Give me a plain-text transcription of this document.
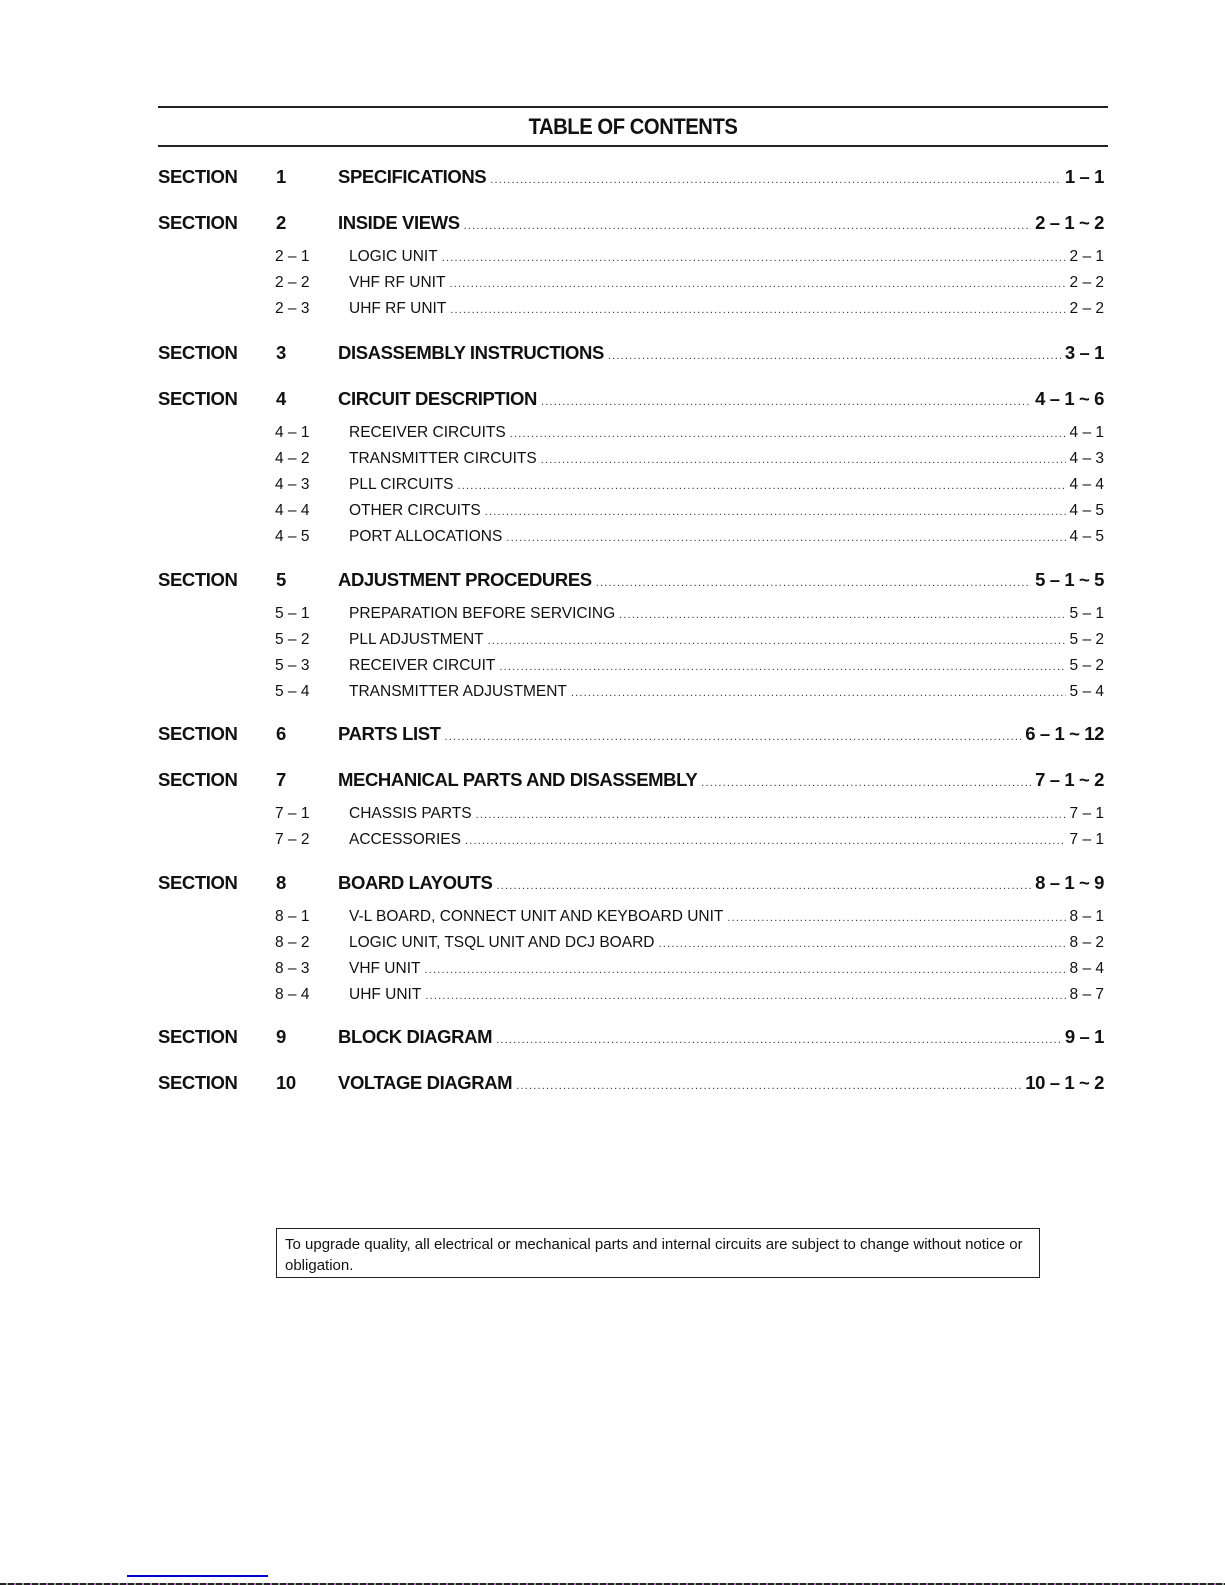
TABLE OF CONTENTS
SECTION	1	SPECIFICATIONS .....	1 – 1
SECTION	2	INSIDE VIEWS .....	2 – 1 ~ 2
2 – 1	LOGIC UNIT .....	2 – 1
2 – 2	VHF RF UNIT .....	2 – 2
2 – 3	UHF RF UNIT .....	2 – 2
SECTION	3	DISASSEMBLY INSTRUCTIONS .....	3 – 1
SECTION	4	CIRCUIT DESCRIPTION .....	4 – 1 ~ 6
4 – 1	RECEIVER CIRCUITS .....	4 – 1
4 – 2	TRANSMITTER CIRCUITS .....	4 – 3
4 – 3	PLL CIRCUITS .....	4 – 4
4 – 4	OTHER CIRCUITS .....	4 – 5
4 – 5	PORT ALLOCATIONS .....	4 – 5
SECTION	5	ADJUSTMENT PROCEDURES .....	5 – 1 ~ 5
5 – 1	PREPARATION BEFORE SERVICING .....	5 – 1
5 – 2	PLL ADJUSTMENT .....	5 – 2
5 – 3	RECEIVER CIRCUIT .....	5 – 2
5 – 4	TRANSMITTER ADJUSTMENT .....	5 – 4
SECTION	6	PARTS LIST .....	6 – 1 ~ 12
SECTION	7	MECHANICAL PARTS AND DISASSEMBLY .....	7 – 1 ~ 2
7 – 1	CHASSIS PARTS .....	7 – 1
7 – 2	ACCESSORIES .....	7 – 1
SECTION	8	BOARD LAYOUTS .....	8 – 1 ~ 9
8 – 1	V-L BOARD, CONNECT UNIT AND KEYBOARD UNIT .....	8 – 1
8 – 2	LOGIC UNIT, TSQL UNIT AND DCJ BOARD .....	8 – 2
8 – 3	VHF UNIT .....	8 – 4
8 – 4	UHF UNIT .....	8 – 7
SECTION	9	BLOCK DIAGRAM .....	9 – 1
SECTION	10	VOLTAGE DIAGRAM .....	10 – 1 ~ 2
To upgrade quality, all electrical or mechanical parts and internal circuits are subject to change without notice or obligation.
